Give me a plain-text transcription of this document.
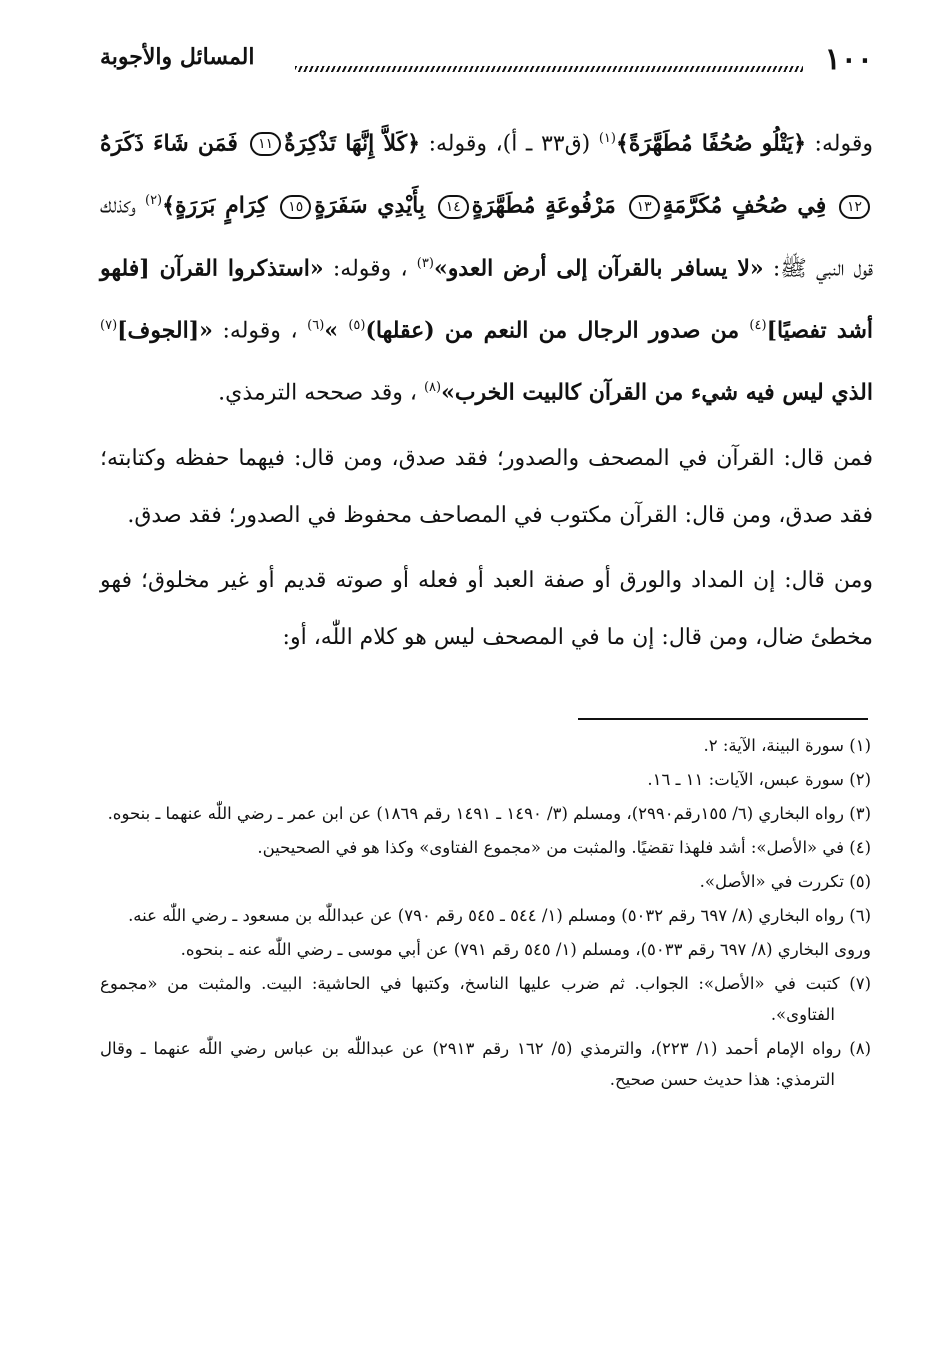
١٠٠
المسائل والأجوبة

وقوله: ﴿يَتْلُو صُحُفًا مُطَهَّرَةً﴾$^{(١)}$ (ق٣٣ ـ أ)، وقوله: ﴿كَلاَّ إِنَّهَا تَذْكِرَةٌ١١ فَمَن شَاءَ ذَكَرَهُ١٢ فِي صُحُفٍ مُكَرَّمَةٍ١٣ مَرْفُوعَةٍ مُطَهَّرَةٍ١٤ بِأَيْدِي سَفَرَةٍ١٥ كِرَامٍ بَرَرَةٍ﴾$^{(٢)}$ وكذلك قول النبي ﷺ: «لا يسافر بالقرآن إلى أرض العدو»$^{(٣)}$ ، وقوله: «استذكروا القرآن [فلهو أشد تفصيًا]$^{(٤)}$ من صدور الرجال من النعم من (عقلها)$^{(٥)}$ »$^{(٦)}$ ، وقوله: «[الجوف]$^{(٧)}$ الذي ليس فيه شيء من القرآن كالبيت الخرب»$^{(٨)}$ ، وقد صححه الترمذي.

فمن قال: القرآن في المصحف والصدور؛ فقد صدق، ومن قال: فيهما حفظه وكتابته؛ فقد صدق، ومن قال: القرآن مكتوب في المصاحف محفوظ في الصدور؛ فقد صدق.

ومن قال: إن المداد والورق أو صفة العبد أو فعله أو صوته قديم أو غير مخلوق؛ فهو مخطئ ضال، ومن قال: إن ما في المصحف ليس هو كلام اللّٰه، أو:

(١) سورة البينة، الآية: ٢.

(٢) سورة عبس، الآيات: ١١ ـ ١٦.

(٣) رواه البخاري (٦/ ١٥٥رقم٢٩٩٠)، ومسلم (٣/ ١٤٩٠ ـ ١٤٩١ رقم ١٨٦٩) عن ابن عمر ـ رضي اللّٰه عنهما ـ بنحوه.

(٤) في «الأصل»: أشد فلهذا تقضيًا. والمثبت من «مجموع الفتاوى» وكذا هو في الصحيحين.

(٥) تكررت في «الأصل».

(٦) رواه البخاري (٨/ ٦٩٧ رقم ٥٠٣٢) ومسلم (١/ ٥٤٤ ـ ٥٤٥ رقم ٧٩٠) عن عبداللّٰه بن مسعود ـ رضي اللّٰه عنه.

وروى البخاري (٨/ ٦٩٧ رقم ٥٠٣٣)، ومسلم (١/ ٥٤٥ رقم ٧٩١) عن أبي موسى ـ رضي اللّٰه عنه ـ بنحوه.

(٧) كتبت في «الأصل»: الجواب. ثم ضرب عليها الناسخ، وكتبها في الحاشية: البيت. والمثبت من «مجموع الفتاوى».

(٨) رواه الإمام أحمد (١/ ٢٢٣)، والترمذي (٥/ ١٦٢ رقم ٢٩١٣) عن عبداللّٰه بن عباس رضي اللّٰه عنهما ـ وقال الترمذي: هذا حديث حسن صحيح.
